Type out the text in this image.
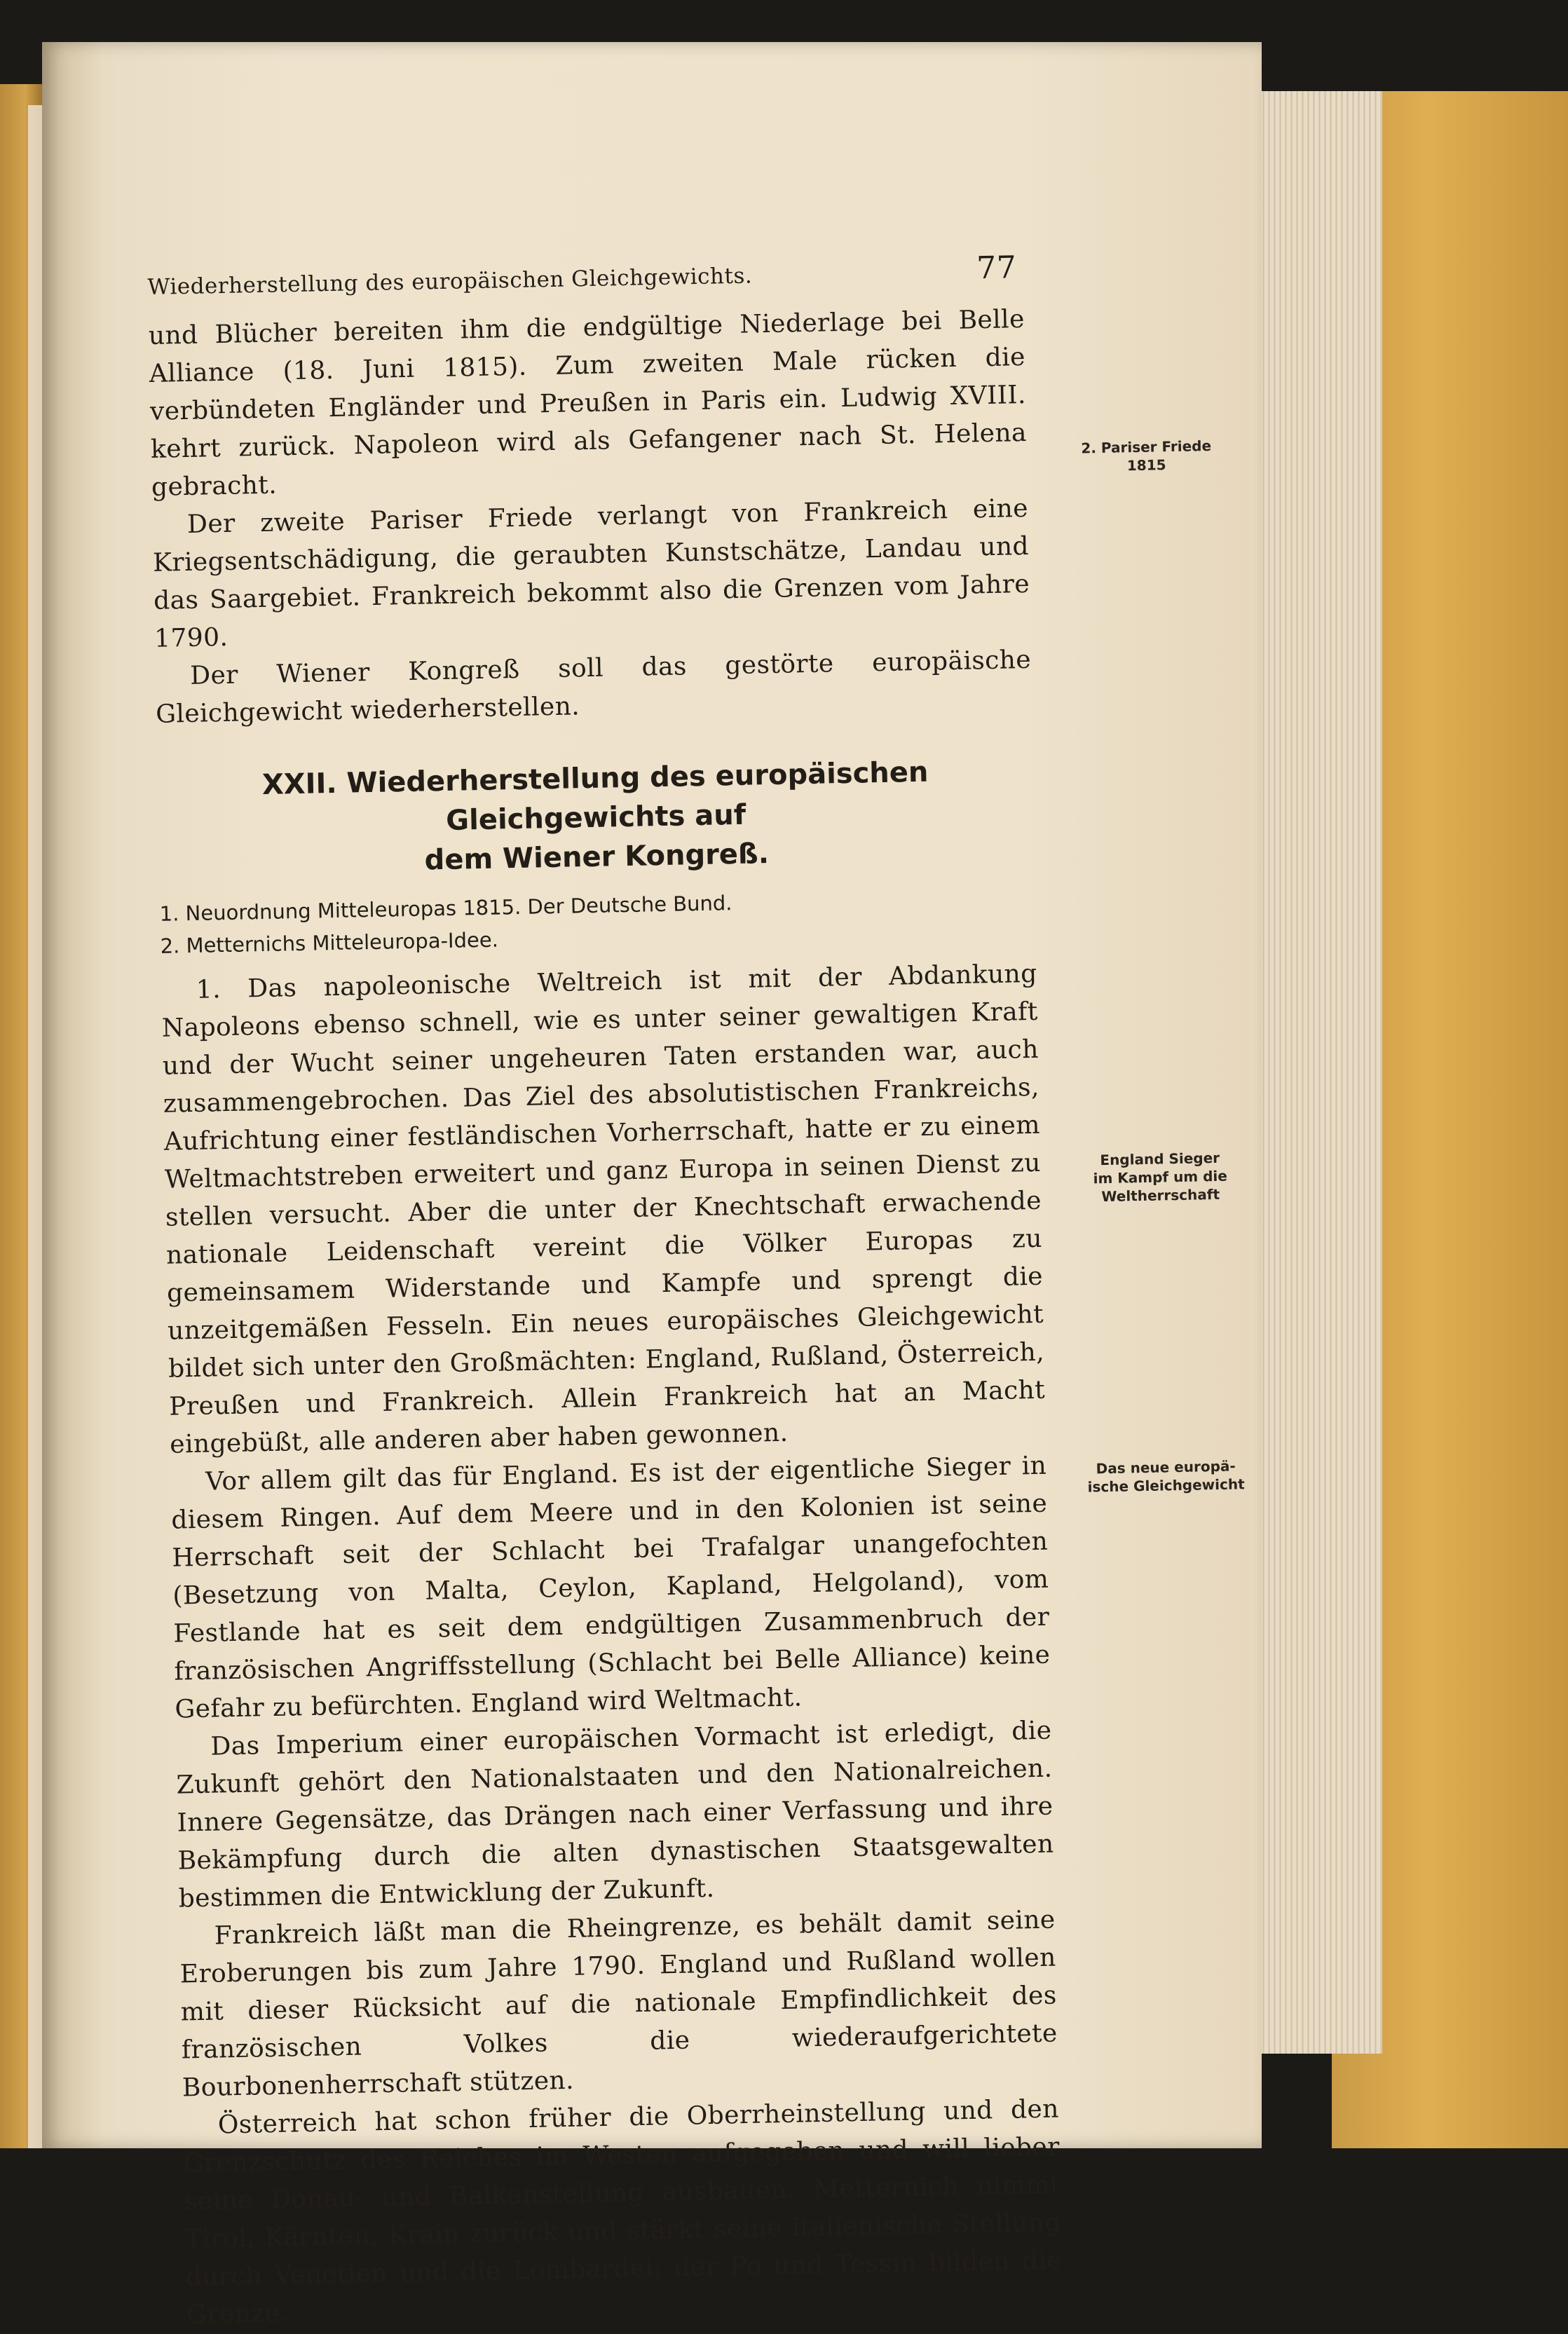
Wiederherstellung des europäischen Gleichgewichts.	77

und Blücher bereiten ihm die endgültige Niederlage bei Belle Alliance (18. Juni 1815). Zum zweiten Male rücken die verbündeten Engländer und Preußen in Paris ein. Ludwig XVIII. kehrt zurück. Napoleon wird als Gefangener nach St. Helena gebracht.

Der zweite Pariser Friede verlangt von Frankreich eine Kriegsentschädigung, die geraubten Kunstschätze, Landau und das Saargebiet. Frankreich bekommt also die Grenzen vom Jahre 1790.

Der Wiener Kongreß soll das gestörte europäische Gleichgewicht wiederherstellen.

XXII. Wiederherstellung des europäischen Gleichgewichts auf
dem Wiener Kongreß.
1. Neuordnung Mitteleuropas 1815. Der Deutsche Bund.
2. Metternichs Mitteleuropa-Idee.

1. Das napoleonische Weltreich ist mit der Abdankung Napoleons ebenso schnell, wie es unter seiner gewaltigen Kraft und der Wucht seiner ungeheuren Taten erstanden war, auch zusammengebrochen. Das Ziel des absolutistischen Frankreichs, Aufrichtung einer festländischen Vorherrschaft, hatte er zu einem Weltmachtstreben erweitert und ganz Europa in seinen Dienst zu stellen versucht. Aber die unter der Knechtschaft erwachende nationale Leidenschaft vereint die Völker Europas zu gemeinsamem Widerstande und Kampfe und sprengt die unzeitgemäßen Fesseln. Ein neues europäisches Gleichgewicht bildet sich unter den Großmächten: England, Rußland, Österreich, Preußen und Frankreich. Allein Frankreich hat an Macht eingebüßt, alle anderen aber haben gewonnen.

Vor allem gilt das für England. Es ist der eigentliche Sieger in diesem Ringen. Auf dem Meere und in den Kolonien ist seine Herrschaft seit der Schlacht bei Trafalgar unangefochten (Besetzung von Malta, Ceylon, Kapland, Helgoland), vom Festlande hat es seit dem endgültigen Zusammenbruch der französischen Angriffsstellung (Schlacht bei Belle Alliance) keine Gefahr zu befürchten. England wird Weltmacht.

Das Imperium einer europäischen Vormacht ist erledigt, die Zukunft gehört den Nationalstaaten und den Nationalreichen. Innere Gegensätze, das Drängen nach einer Verfassung und ihre Bekämpfung durch die alten dynastischen Staatsgewalten bestimmen die Entwicklung der Zukunft.

Frankreich läßt man die Rheingrenze, es behält damit seine Eroberungen bis zum Jahre 1790. England und Rußland wollen mit dieser Rücksicht auf die nationale Empfindlichkeit des französischen Volkes die wiederaufgerichtete Bourbonenherrschaft stützen.

Österreich hat schon früher die Oberrheinstellung und den Grenzschutz des Reiches im Westen aufgegeben und will lieber seine Donau- und Balkanstellung ausbauen. Metternich nimmt Tirol, Kärnten, Krain zurück und stärkt seine italienische Stellung durch Venetien und die Lombardei; der Po und Tessin bilden die Grenze.

2. Pariser Friede
1815
England Sieger
im Kampf um die
Weltherrschaft
Das neue europä-
ische Gleichgewicht
